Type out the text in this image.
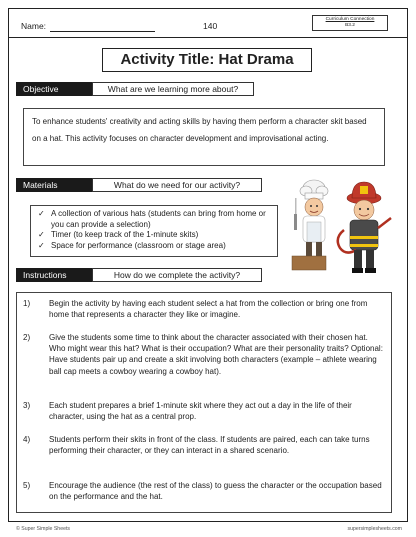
Name:	140
Curriculum Connection
B3.2
Activity Title: Hat Drama
Objective	What are we learning more about?
To enhance students' creativity and acting skills by having them perform a character skit based on a hat. This activity focuses on character development and improvisational acting.
Materials	What do we need for our activity?
✓ A collection of various hats (students can bring from home or you can provide a selection)
✓ Timer (to keep track of the 1-minute skits)
✓ Space for performance (classroom or stage area)
Instructions	How do we complete the activity?
1) Begin the activity by having each student select a hat from the collection or bring one from home that represents a character they like or imagine.
2) Give the students some time to think about the character associated with their chosen hat. Who might wear this hat? What is their occupation? What are their personality traits? Optional: Have students pair up and create a skit involving both characters (example – athlete wearing ball cap meets a cowboy wearing a cowboy hat).
3) Each student prepares a brief 1-minute skit where they act out a day in the life of their character, using the hat as a central prop.
4) Students perform their skits in front of the class. If students are paired, each can take turns performing their character, or they can interact in a shared scenario.
5) Encourage the audience (the rest of the class) to guess the character or the occupation based on the performance and the hat.
© Super Simple Sheets	supersimplesheets.com
